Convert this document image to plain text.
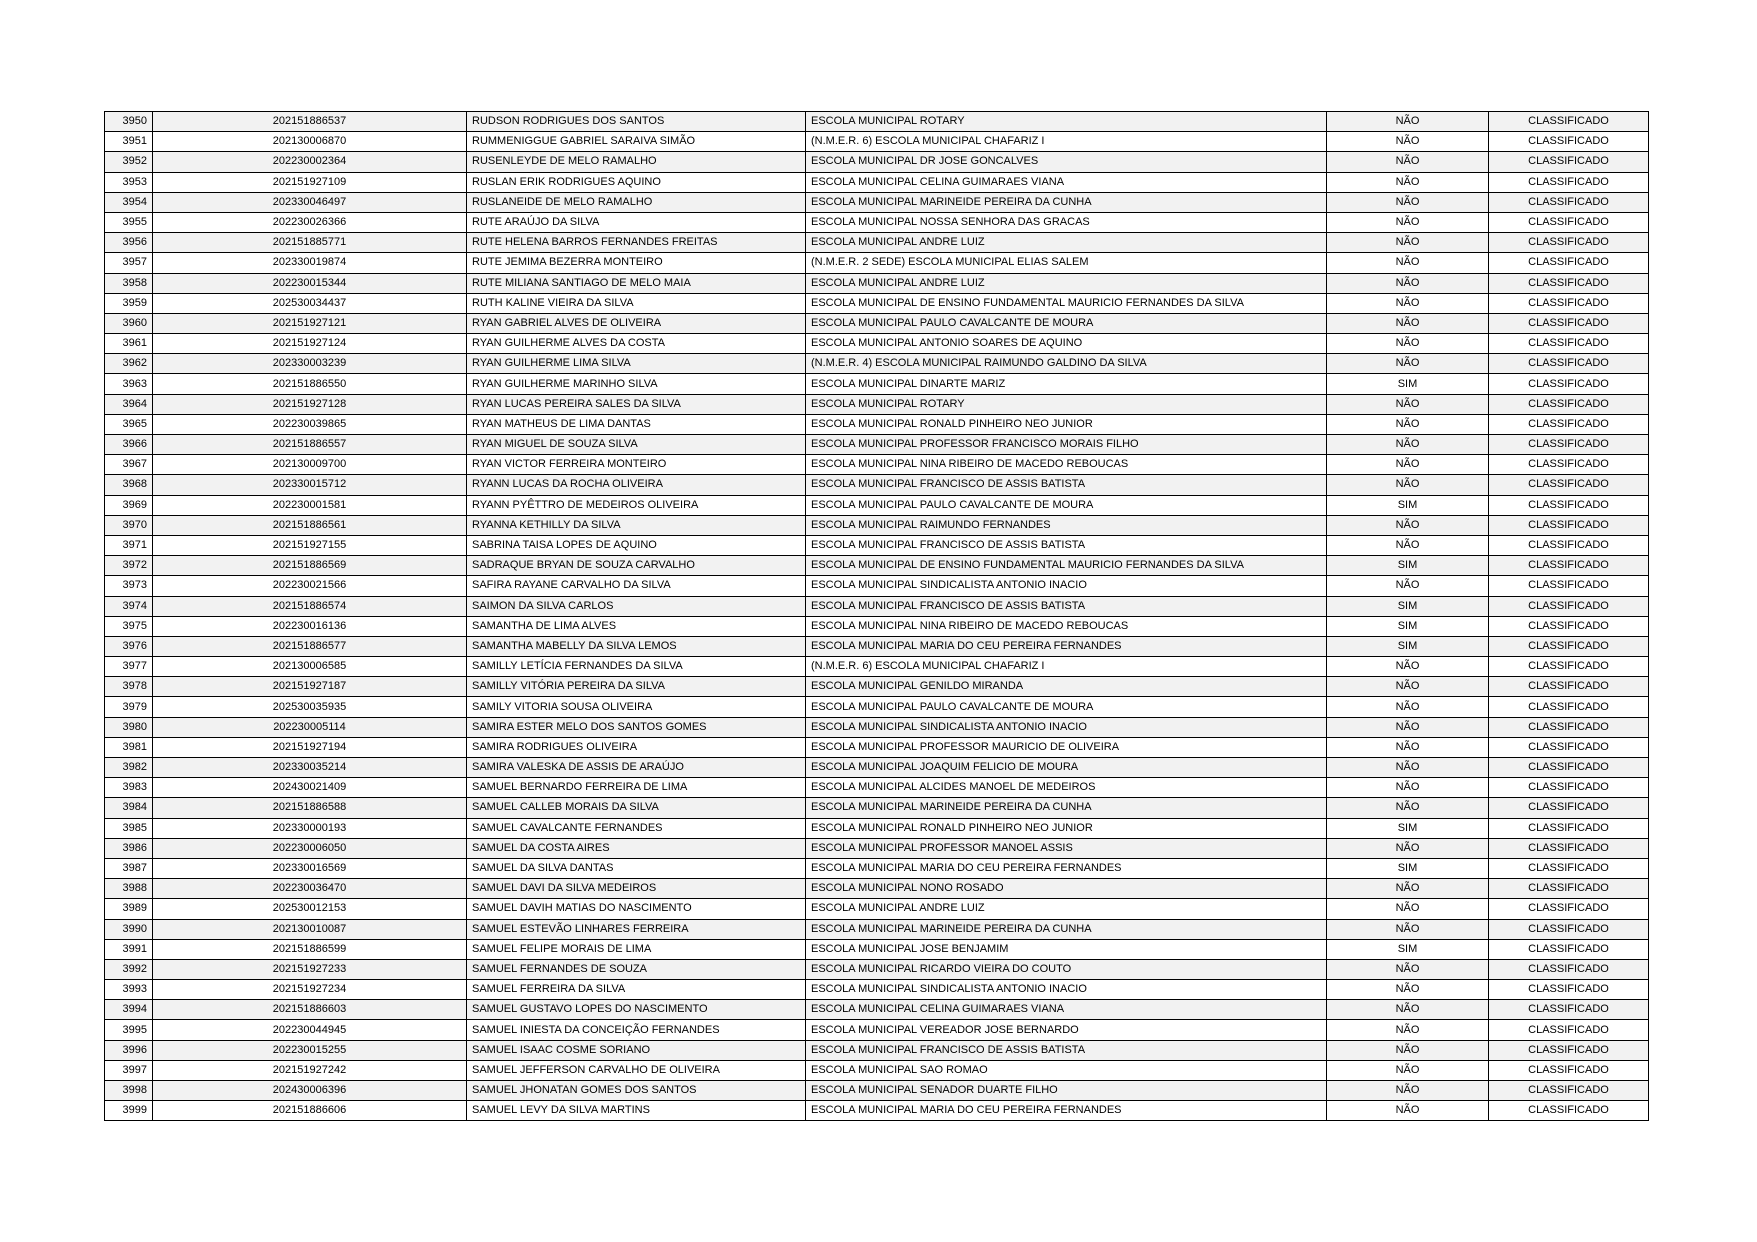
3950	202151886537	RUDSON RODRIGUES DOS SANTOS	ESCOLA MUNICIPAL ROTARY	NÃO	CLASSIFICADO
3951	202130006870	RUMMENIGGUE GABRIEL SARAIVA SIMÃO	(N.M.E.R. 6) ESCOLA MUNICIPAL CHAFARIZ I	NÃO	CLASSIFICADO
3952	202230002364	RUSENLEYDE DE MELO RAMALHO	ESCOLA MUNICIPAL DR JOSE GONCALVES	NÃO	CLASSIFICADO
3953	202151927109	RUSLAN ERIK RODRIGUES AQUINO	ESCOLA MUNICIPAL CELINA GUIMARAES VIANA	NÃO	CLASSIFICADO
3954	202330046497	RUSLANEIDE DE MELO RAMALHO	ESCOLA MUNICIPAL MARINEIDE PEREIRA DA CUNHA	NÃO	CLASSIFICADO
3955	202230026366	RUTE ARAÚJO DA SILVA	ESCOLA MUNICIPAL NOSSA SENHORA DAS GRACAS	NÃO	CLASSIFICADO
3956	202151885771	RUTE HELENA BARROS FERNANDES FREITAS	ESCOLA MUNICIPAL ANDRE LUIZ	NÃO	CLASSIFICADO
3957	202330019874	RUTE JEMIMA BEZERRA MONTEIRO	(N.M.E.R. 2 SEDE) ESCOLA MUNICIPAL ELIAS SALEM	NÃO	CLASSIFICADO
3958	202230015344	RUTE MILIANA SANTIAGO DE MELO MAIA	ESCOLA MUNICIPAL ANDRE LUIZ	NÃO	CLASSIFICADO
3959	202530034437	RUTH KALINE VIEIRA DA SILVA	ESCOLA MUNICIPAL DE ENSINO FUNDAMENTAL MAURICIO FERNANDES DA SILVA	NÃO	CLASSIFICADO
3960	202151927121	RYAN GABRIEL ALVES DE OLIVEIRA	ESCOLA MUNICIPAL PAULO CAVALCANTE DE MOURA	NÃO	CLASSIFICADO
3961	202151927124	RYAN GUILHERME ALVES DA COSTA	ESCOLA MUNICIPAL ANTONIO SOARES DE AQUINO	NÃO	CLASSIFICADO
3962	202330003239	RYAN GUILHERME LIMA SILVA	(N.M.E.R. 4) ESCOLA MUNICIPAL RAIMUNDO GALDINO DA SILVA	NÃO	CLASSIFICADO
3963	202151886550	RYAN GUILHERME MARINHO SILVA	ESCOLA MUNICIPAL DINARTE MARIZ	SIM	CLASSIFICADO
3964	202151927128	RYAN LUCAS PEREIRA SALES DA SILVA	ESCOLA MUNICIPAL ROTARY	NÃO	CLASSIFICADO
3965	202230039865	RYAN MATHEUS DE LIMA DANTAS	ESCOLA MUNICIPAL RONALD PINHEIRO NEO JUNIOR	NÃO	CLASSIFICADO
3966	202151886557	RYAN MIGUEL DE SOUZA SILVA	ESCOLA MUNICIPAL PROFESSOR FRANCISCO MORAIS FILHO	NÃO	CLASSIFICADO
3967	202130009700	RYAN VICTOR FERREIRA MONTEIRO	ESCOLA MUNICIPAL NINA RIBEIRO DE MACEDO REBOUCAS	NÃO	CLASSIFICADO
3968	202330015712	RYANN LUCAS DA ROCHA OLIVEIRA	ESCOLA MUNICIPAL FRANCISCO DE ASSIS BATISTA	NÃO	CLASSIFICADO
3969	202230001581	RYANN PYÊTTRO DE MEDEIROS OLIVEIRA	ESCOLA MUNICIPAL PAULO CAVALCANTE DE MOURA	SIM	CLASSIFICADO
3970	202151886561	RYANNA KETHILLY DA SILVA	ESCOLA MUNICIPAL RAIMUNDO FERNANDES	NÃO	CLASSIFICADO
3971	202151927155	SABRINA TAISA LOPES DE AQUINO	ESCOLA MUNICIPAL FRANCISCO DE ASSIS BATISTA	NÃO	CLASSIFICADO
3972	202151886569	SADRAQUE BRYAN DE SOUZA CARVALHO	ESCOLA MUNICIPAL DE ENSINO FUNDAMENTAL MAURICIO FERNANDES DA SILVA	SIM	CLASSIFICADO
3973	202230021566	SAFIRA RAYANE CARVALHO DA SILVA	ESCOLA MUNICIPAL SINDICALISTA ANTONIO INACIO	NÃO	CLASSIFICADO
3974	202151886574	SAIMON DA SILVA CARLOS	ESCOLA MUNICIPAL FRANCISCO DE ASSIS BATISTA	SIM	CLASSIFICADO
3975	202230016136	SAMANTHA DE LIMA ALVES	ESCOLA MUNICIPAL NINA RIBEIRO DE MACEDO REBOUCAS	SIM	CLASSIFICADO
3976	202151886577	SAMANTHA MABELLY DA SILVA LEMOS	ESCOLA MUNICIPAL MARIA DO CEU PEREIRA FERNANDES	SIM	CLASSIFICADO
3977	202130006585	SAMILLY LETÍCIA FERNANDES DA SILVA	(N.M.E.R. 6) ESCOLA MUNICIPAL CHAFARIZ I	NÃO	CLASSIFICADO
3978	202151927187	SAMILLY VITÓRIA PEREIRA DA SILVA	ESCOLA MUNICIPAL GENILDO MIRANDA	NÃO	CLASSIFICADO
3979	202530035935	SAMILY VITORIA SOUSA OLIVEIRA	ESCOLA MUNICIPAL PAULO CAVALCANTE DE MOURA	NÃO	CLASSIFICADO
3980	202230005114	SAMIRA ESTER MELO DOS SANTOS GOMES	ESCOLA MUNICIPAL SINDICALISTA ANTONIO INACIO	NÃO	CLASSIFICADO
3981	202151927194	SAMIRA RODRIGUES OLIVEIRA	ESCOLA MUNICIPAL PROFESSOR MAURICIO DE OLIVEIRA	NÃO	CLASSIFICADO
3982	202330035214	SAMIRA VALESKA DE ASSIS DE ARAÚJO	ESCOLA MUNICIPAL JOAQUIM FELICIO DE MOURA	NÃO	CLASSIFICADO
3983	202430021409	SAMUEL BERNARDO FERREIRA DE LIMA	ESCOLA MUNICIPAL ALCIDES MANOEL DE MEDEIROS	NÃO	CLASSIFICADO
3984	202151886588	SAMUEL CALLEB MORAIS DA SILVA	ESCOLA MUNICIPAL MARINEIDE PEREIRA DA CUNHA	NÃO	CLASSIFICADO
3985	202330000193	SAMUEL CAVALCANTE FERNANDES	ESCOLA MUNICIPAL RONALD PINHEIRO NEO JUNIOR	SIM	CLASSIFICADO
3986	202230006050	SAMUEL DA COSTA AIRES	ESCOLA MUNICIPAL PROFESSOR MANOEL ASSIS	NÃO	CLASSIFICADO
3987	202330016569	SAMUEL DA SILVA DANTAS	ESCOLA MUNICIPAL MARIA DO CEU PEREIRA FERNANDES	SIM	CLASSIFICADO
3988	202230036470	SAMUEL DAVI DA SILVA MEDEIROS	ESCOLA MUNICIPAL NONO ROSADO	NÃO	CLASSIFICADO
3989	202530012153	SAMUEL DAVIH MATIAS DO NASCIMENTO	ESCOLA MUNICIPAL ANDRE LUIZ	NÃO	CLASSIFICADO
3990	202130010087	SAMUEL ESTEVÃO LINHARES FERREIRA	ESCOLA MUNICIPAL MARINEIDE PEREIRA DA CUNHA	NÃO	CLASSIFICADO
3991	202151886599	SAMUEL FELIPE MORAIS DE LIMA	ESCOLA MUNICIPAL JOSE BENJAMIM	SIM	CLASSIFICADO
3992	202151927233	SAMUEL FERNANDES DE SOUZA	ESCOLA MUNICIPAL RICARDO VIEIRA DO COUTO	NÃO	CLASSIFICADO
3993	202151927234	SAMUEL FERREIRA DA SILVA	ESCOLA MUNICIPAL SINDICALISTA ANTONIO INACIO	NÃO	CLASSIFICADO
3994	202151886603	SAMUEL GUSTAVO LOPES DO NASCIMENTO	ESCOLA MUNICIPAL CELINA GUIMARAES VIANA	NÃO	CLASSIFICADO
3995	202230044945	SAMUEL INIESTA DA CONCEIÇÃO FERNANDES	ESCOLA MUNICIPAL VEREADOR JOSE BERNARDO	NÃO	CLASSIFICADO
3996	202230015255	SAMUEL ISAAC COSME SORIANO	ESCOLA MUNICIPAL FRANCISCO DE ASSIS BATISTA	NÃO	CLASSIFICADO
3997	202151927242	SAMUEL JEFFERSON CARVALHO DE OLIVEIRA	ESCOLA MUNICIPAL SAO ROMAO	NÃO	CLASSIFICADO
3998	202430006396	SAMUEL JHONATAN GOMES DOS SANTOS	ESCOLA MUNICIPAL SENADOR DUARTE FILHO	NÃO	CLASSIFICADO
3999	202151886606	SAMUEL LEVY DA SILVA MARTINS	ESCOLA MUNICIPAL MARIA DO CEU PEREIRA FERNANDES	NÃO	CLASSIFICADO
